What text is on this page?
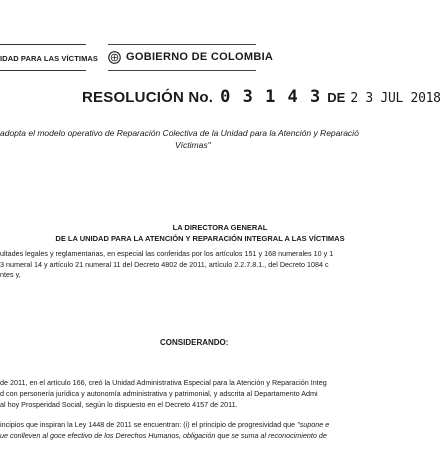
IDAD PARA LAS VÍCTIMAS	GOBIERNO DE COLOMBIA
RESOLUCIÓN No. 0 3 1 4 3 DE 2 3 JUL 2018
adopta el modelo operativo de Reparación Colectiva de la Unidad para la Atención y Reparació
Víctimas"
LA DIRECTORA GENERAL
DE LA UNIDAD PARA LA ATENCIÓN Y REPARACIÓN INTEGRAL A LAS VÍCTIMAS
ultades legales y reglamentarias, en especial las conferidas por los artículos 151 y 168 numerales 10 y 1
3 numeral 14 y artículo 21 numeral 11 del Decreto 4802 de 2011, artículo 2.2.7.8.1., del Decreto 1084 c
ntes y,
CONSIDERANDO:
de 2011, en el artículo 166, creó la Unidad Administrativa Especial para la Atención y Reparación Integ
d con personería jurídica y autonomía administrativa y patrimonial, y adscrita al Departamento Admi
al hoy Prosperidad Social, según lo dispuesto en el Decreto 4157 de 2011.
incipios que inspiran la Ley 1448 de 2011 se encuentran: (i) el principio de progresividad que "supone e
ue conlleven al goce efectivo de los Derechos Humanos, obligación que se suma al reconocimiento de
